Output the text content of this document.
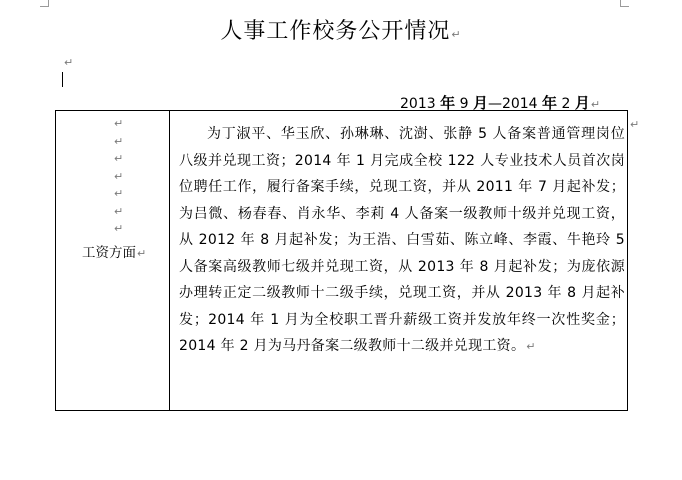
人事工作校务公开情况↵
↵
2013 年 9 月—2014 年 2 月↵
↵
↵
↵
↵
↵
↵
↵
工资方面↵

为丁淑平、华玉欣、孙琳琳、沈澍、张静 5 人备案普通管理岗位八级并兑现工资；2014 年 1 月完成全校 122 人专业技术人员首次岗位聘任工作，履行备案手续，兑现工资，并从 2011 年 7 月起补发；为吕微、杨春春、肖永华、李莉 4 人备案一级教师十级并兑现工资，从 2012 年 8 月起补发；为王浩、白雪茹、陈立峰、李霞、牛艳玲 5 人备案高级教师七级并兑现工资，从 2013 年 8 月起补发；为庞依源办理转正定二级教师十二级手续，兑现工资，并从 2013 年 8 月起补发；2014 年 1 月为全校职工晋升薪级工资并发放年终一次性奖金；2014 年 2 月为马丹备案二级教师十二级并兑现工资。↵

↵
